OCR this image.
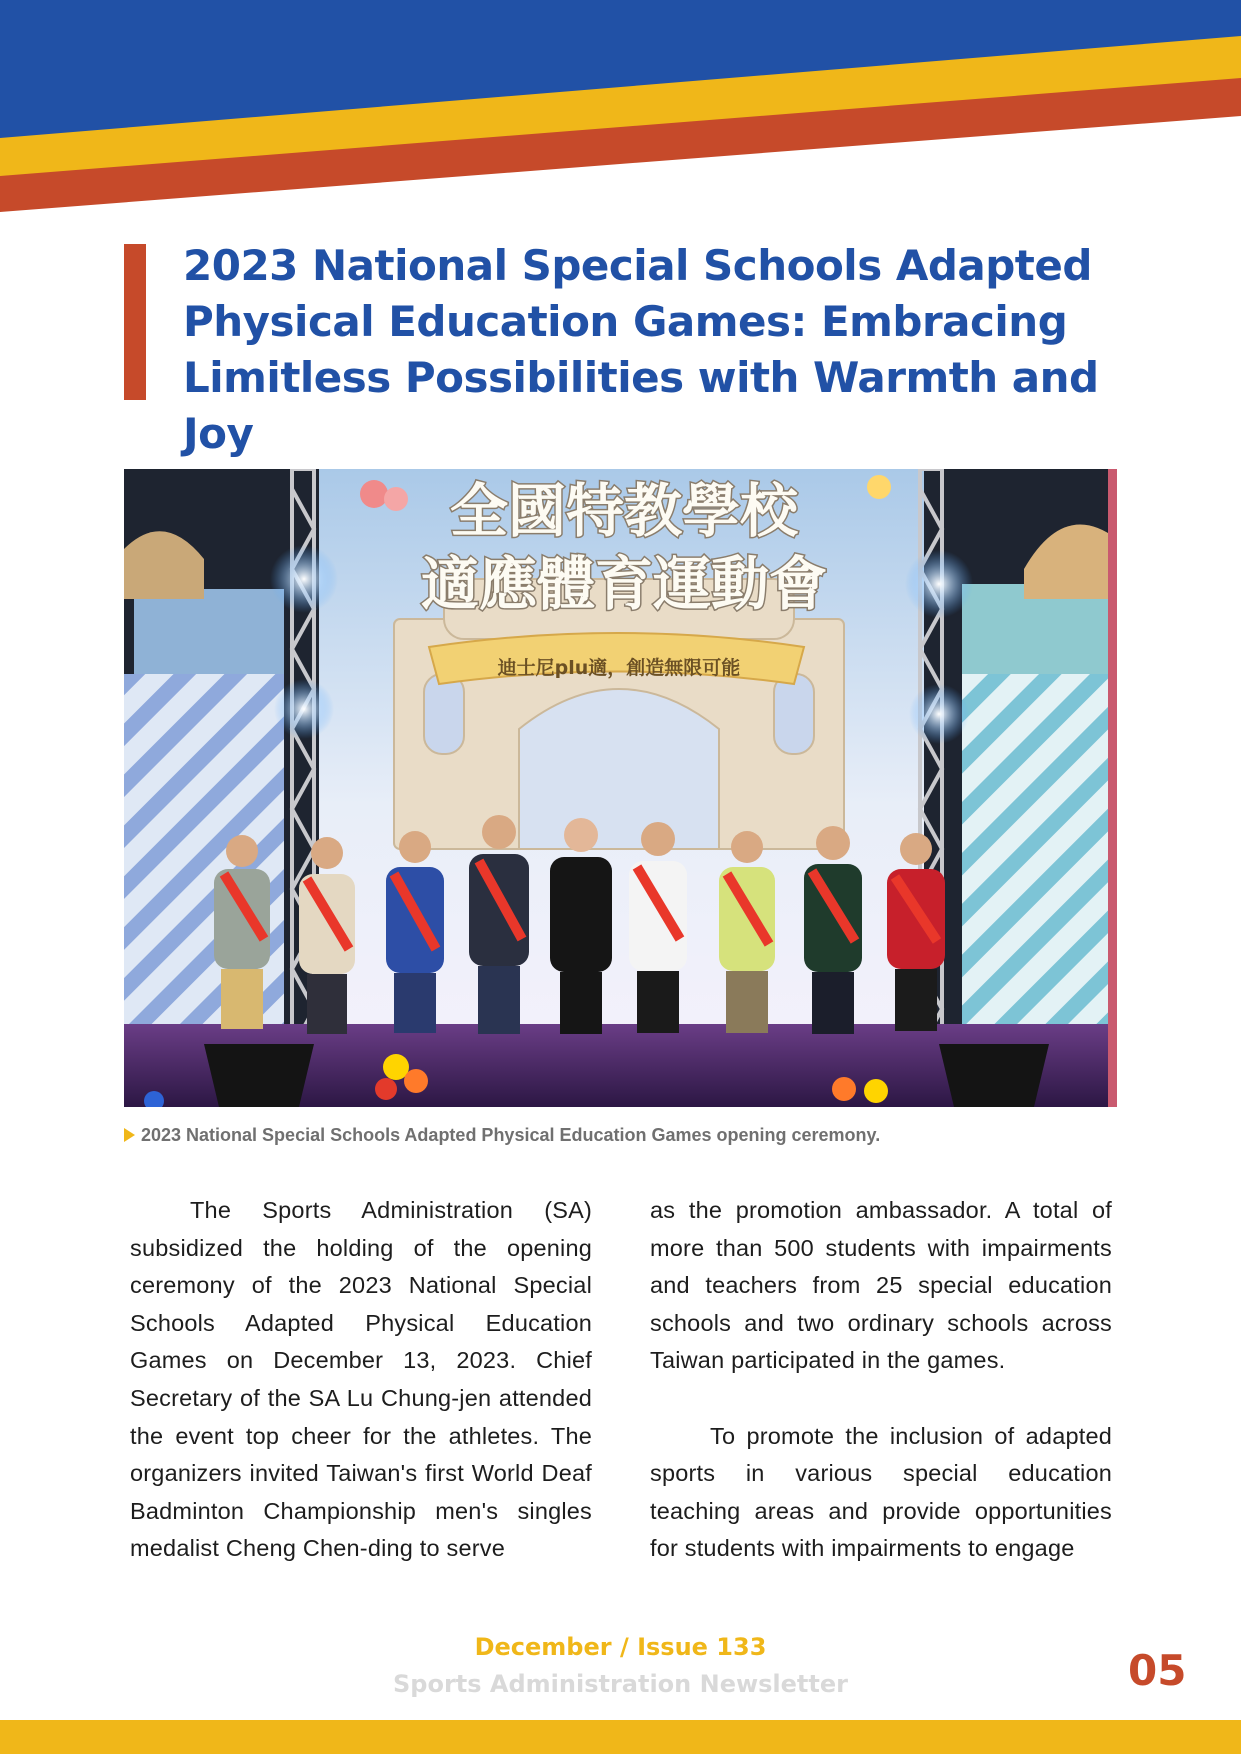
2023 National Special Schools Adapted Physical Education Games: Embracing Limitless Possibilities with Warmth and Joy
迪士尼plu適，創造無限可能
全國特教學校
適應體育運動會
2023 National Special Schools Adapted Physical Education Games opening ceremony.

The Sports Administration (SA) subsidized the holding of the opening ceremony of the 2023 National Special Schools Adapted Physical Education Games on December 13, 2023. Chief Secretary of the SA Lu Chung-jen attended the event top cheer for the athletes. The organizers invited Taiwan's first World Deaf Badminton Championship men's singles medalist Cheng Chen-ding to serve

as the promotion ambassador. A total of more than 500 students with impairments and teachers from 25 special education schools and two ordinary schools across Taiwan participated in the games.

To promote the inclusion of adapted sports in various special education teaching areas and provide opportunities for students with impairments to engage

December / Issue 133
Sports Administration Newsletter	05
